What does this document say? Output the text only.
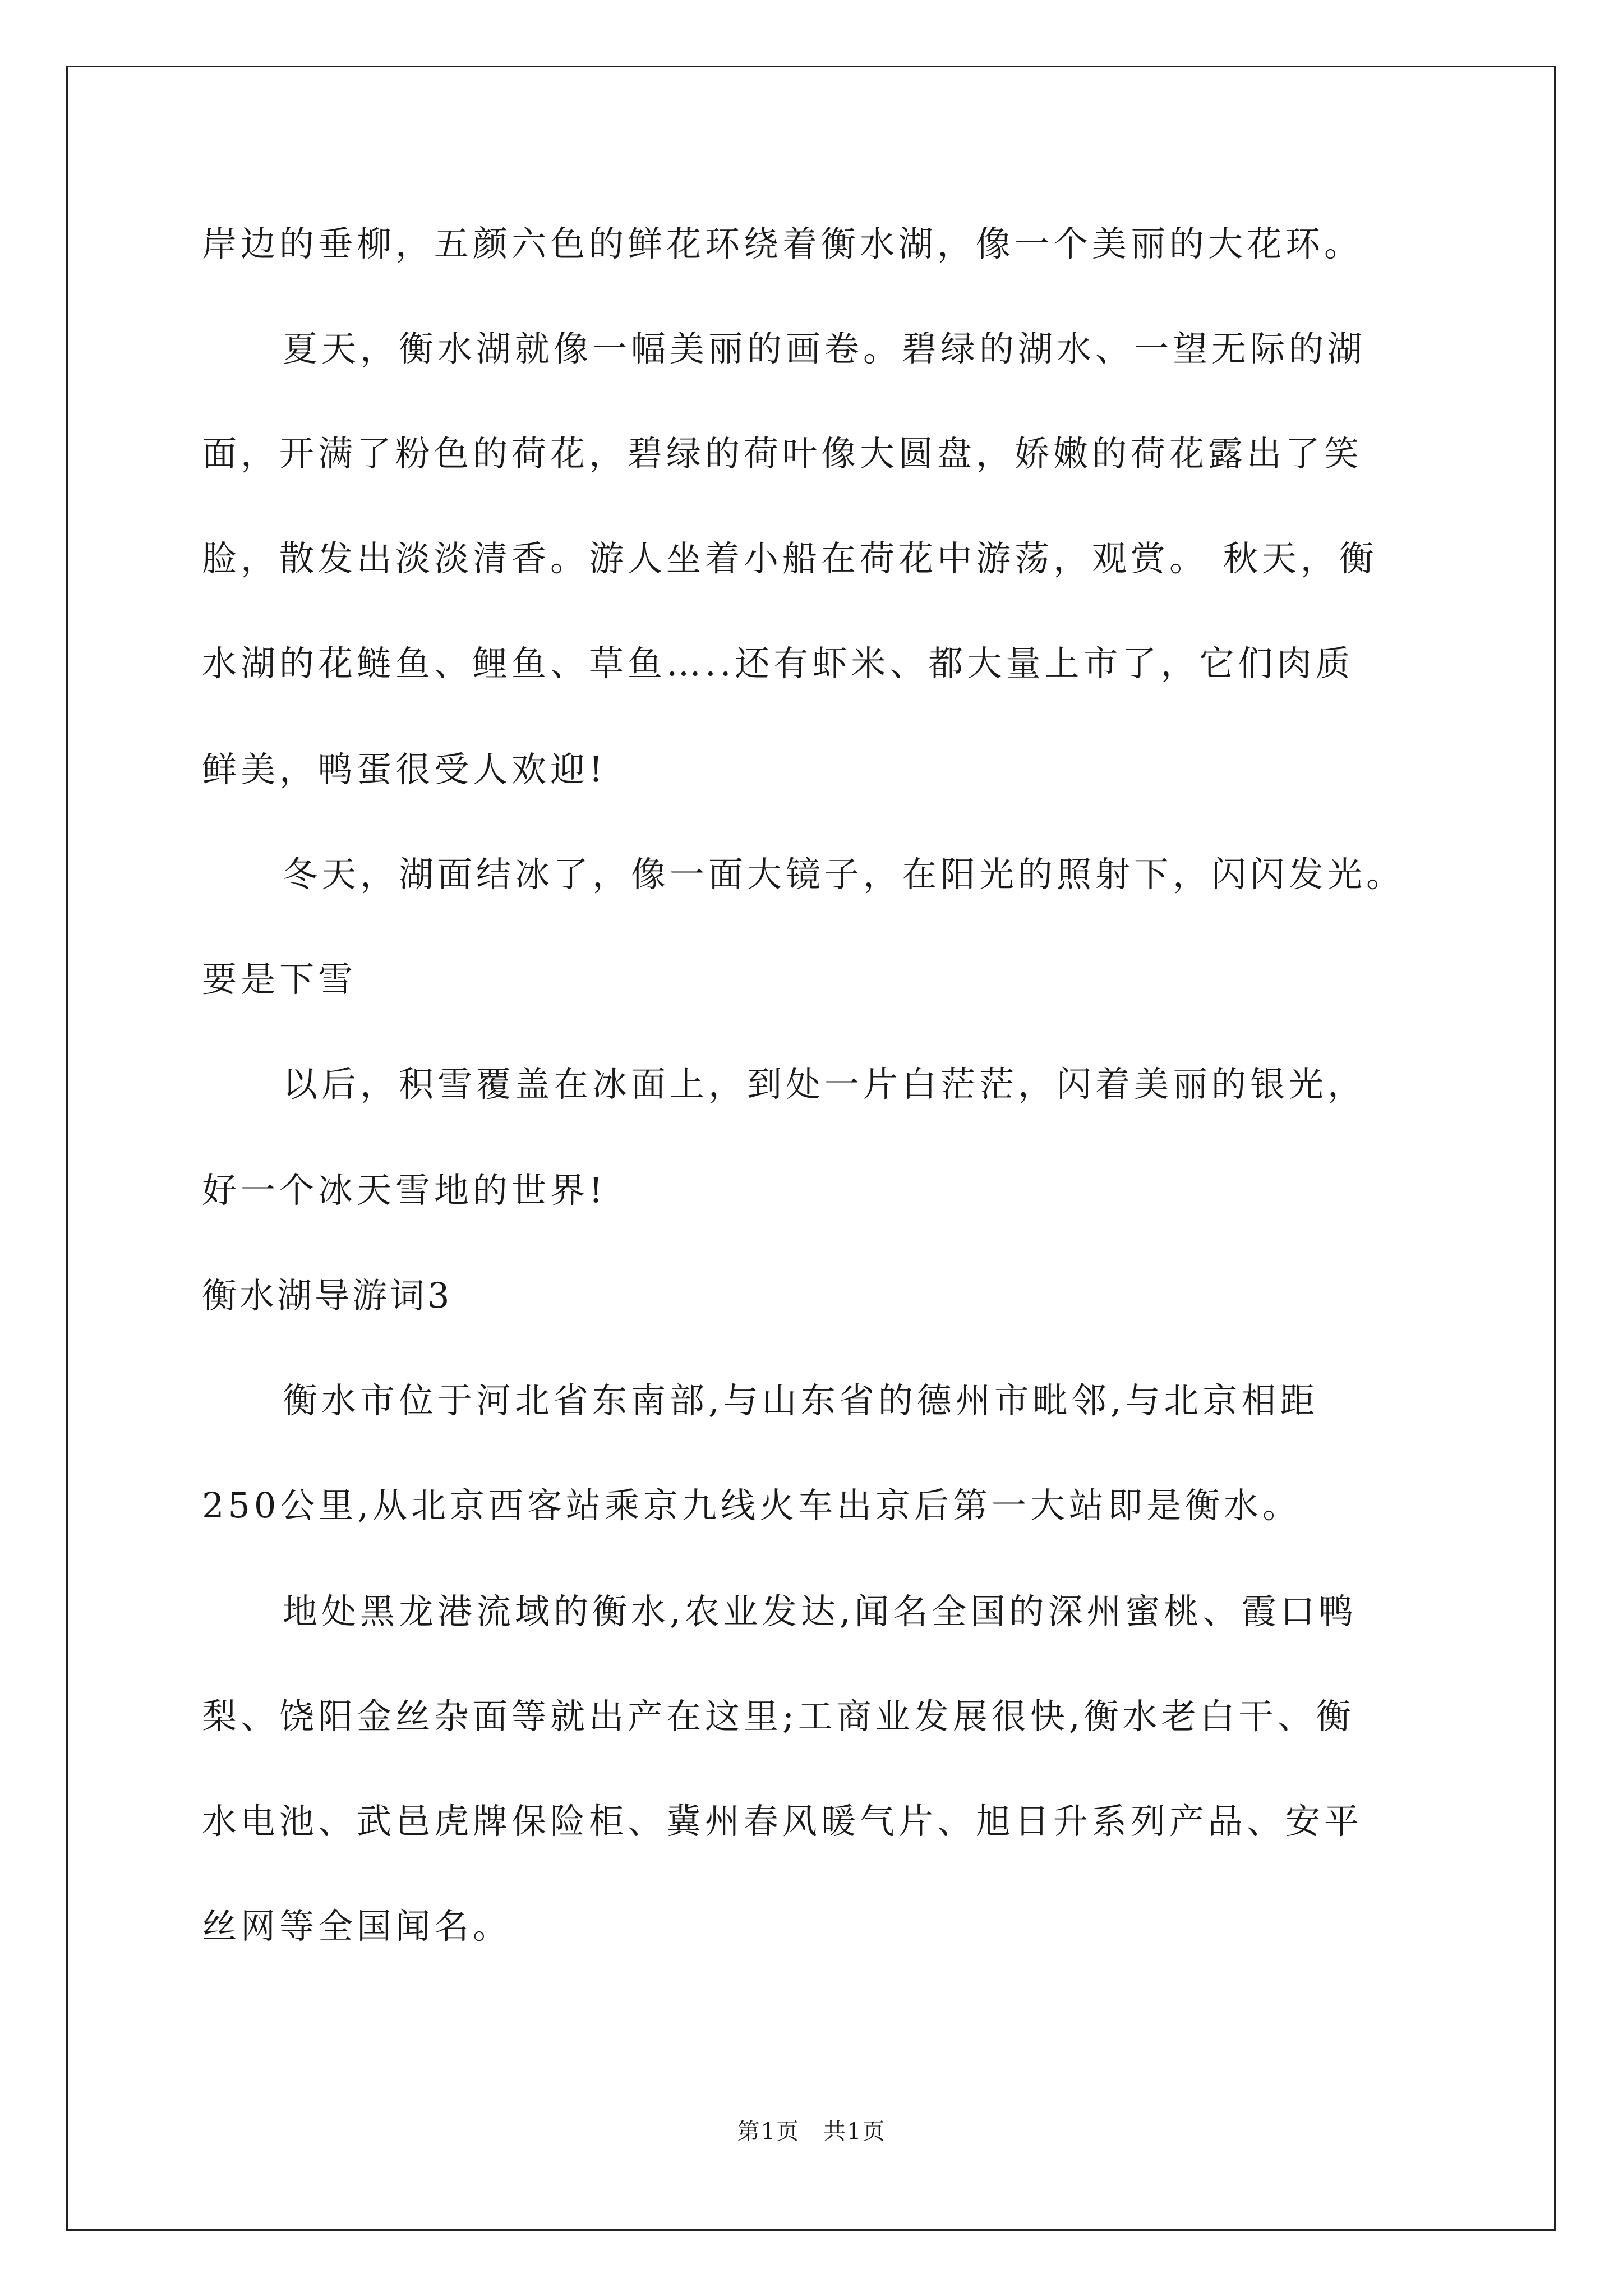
岸边的垂柳，五颜六色的鲜花环绕着衡水湖，像一个美丽的大花环。
夏天，衡水湖就像一幅美丽的画卷。碧绿的湖水、一望无际的湖
面，开满了粉色的荷花，碧绿的荷叶像大圆盘，娇嫩的荷花露出了笑
脸，散发出淡淡清香。游人坐着小船在荷花中游荡，观赏。 秋天，衡
水湖的花鲢鱼、鲤鱼、草鱼…..还有虾米、都大量上市了，它们肉质
鲜美，鸭蛋很受人欢迎!
冬天，湖面结冰了，像一面大镜子，在阳光的照射下，闪闪发光。
要是下雪
以后，积雪覆盖在冰面上，到处一片白茫茫，闪着美丽的银光，
好一个冰天雪地的世界!
衡水湖导游词3
衡水市位于河北省东南部,与山东省的德州市毗邻,与北京相距
250公里,从北京西客站乘京九线火车出京后第一大站即是衡水。
地处黑龙港流域的衡水,农业发达,闻名全国的深州蜜桃、霞口鸭
梨、饶阳金丝杂面等就出产在这里;工商业发展很快,衡水老白干、衡
水电池、武邑虎牌保险柜、冀州春风暖气片、旭日升系列产品、安平
丝网等全国闻名。
第1页　共1页
